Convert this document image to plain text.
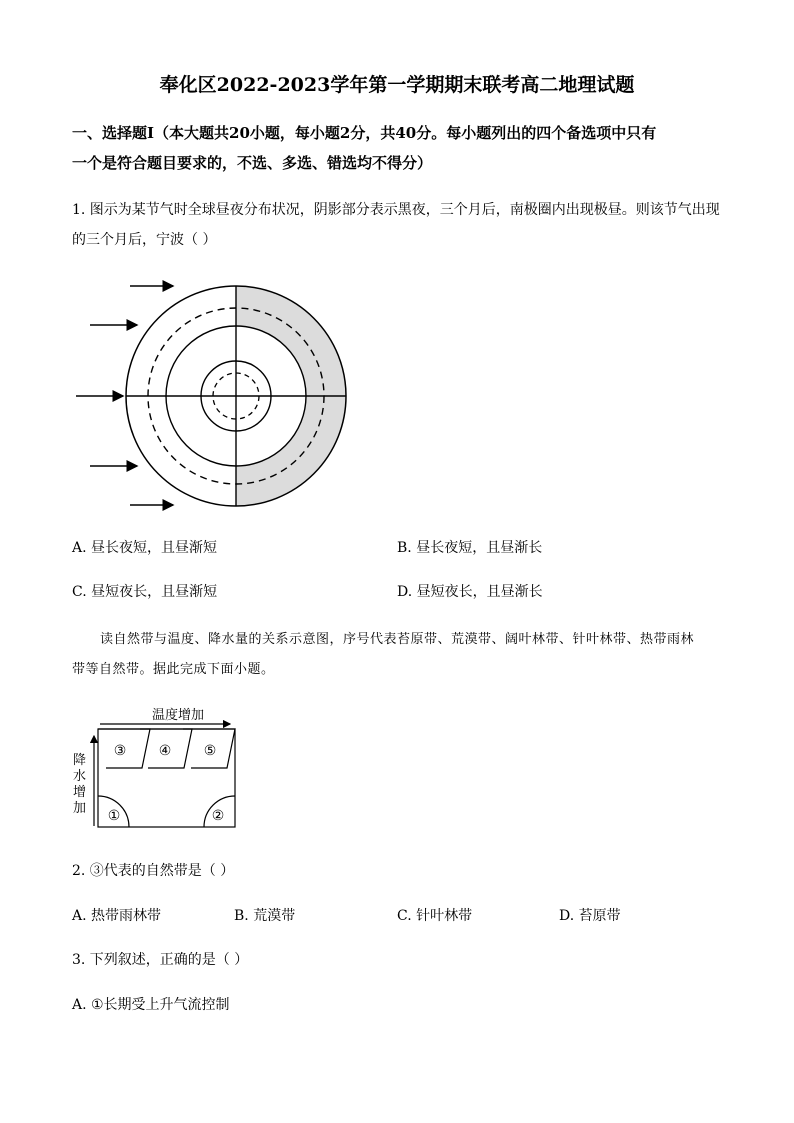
奉化区2022-2023学年第一学期期末联考高二地理试题
一、选择题Ⅰ（本大题共20小题，每小题2分，共40分。每小题列出的四个备选项中只有
一个是符合题目要求的，不选、多选、错选均不得分）
1. 图示为某节气时全球昼夜分布状况，阴影部分表示黑夜，三个月后，南极圈内出现极昼。则该节气出现
的三个月后，宁波（ ）
A. 昼长夜短，且昼渐短	B. 昼长夜短，且昼渐长
C. 昼短夜长，且昼渐短	D. 昼短夜长，且昼渐长
读自然带与温度、降水量的关系示意图，序号代表苔原带、荒漠带、阔叶林带、针叶林带、热带雨林
带等自然带。据此完成下面小题。
温度增加
降
水
增
加
③ ④ ⑤
①	②
2. ③代表的自然带是（ ）
A. 热带雨林带	B. 荒漠带	C. 针叶林带	D. 苔原带
3. 下列叙述，正确的是（ ）
A. ①长期受上升气流控制
